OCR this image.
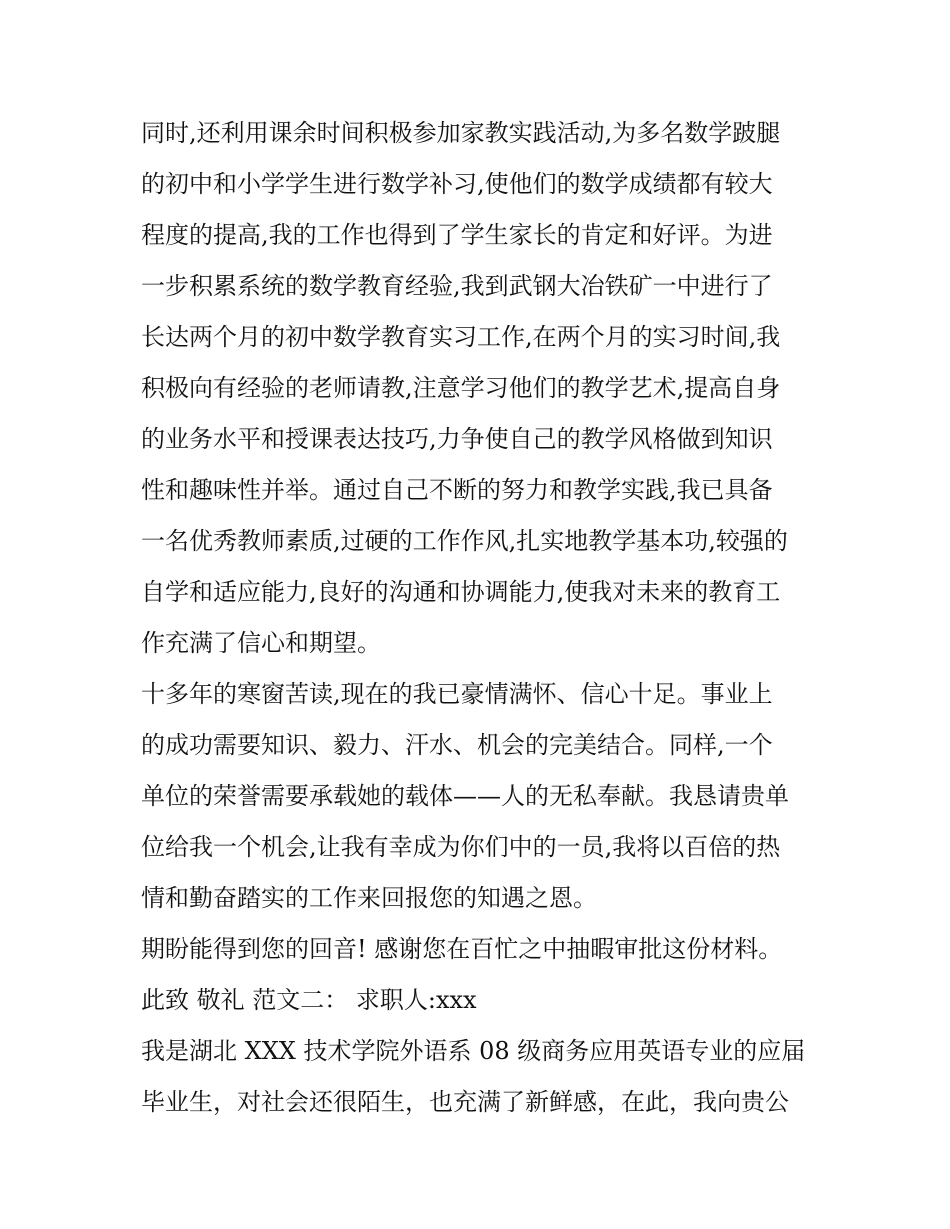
同时,还利用课余时间积极参加家教实践活动,为多名数学跛腿
的初中和小学学生进行数学补习,使他们的数学成绩都有较大
程度的提高,我的工作也得到了学生家长的肯定和好评。为进
一步积累系统的数学教育经验,我到武钢大冶铁矿一中进行了
长达两个月的初中数学教育实习工作,在两个月的实习时间,我
积极向有经验的老师请教,注意学习他们的教学艺术,提高自身
的业务水平和授课表达技巧,力争使自己的教学风格做到知识
性和趣味性并举。通过自己不断的努力和教学实践,我已具备
一名优秀教师素质,过硬的工作作风,扎实地教学基本功,较强的
自学和适应能力,良好的沟通和协调能力,使我对未来的教育工
作充满了信心和期望。
十多年的寒窗苦读,现在的我已豪情满怀、信心十足。事业上
的成功需要知识、毅力、汗水、机会的完美结合。同样,一个
单位的荣誉需要承载她的载体——人的无私奉献。我恳请贵单
位给我一个机会,让我有幸成为你们中的一员,我将以百倍的热
情和勤奋踏实的工作来回报您的知遇之恩。
期盼能得到您的回音! 感谢您在百忙之中抽暇审批这份材料。
此致 敬礼 范文二： 求职人:xxx
我是湖北 XXX 技术学院外语系 08 级商务应用英语专业的应届
毕业生，对社会还很陌生，也充满了新鲜感，在此，我向贵公
